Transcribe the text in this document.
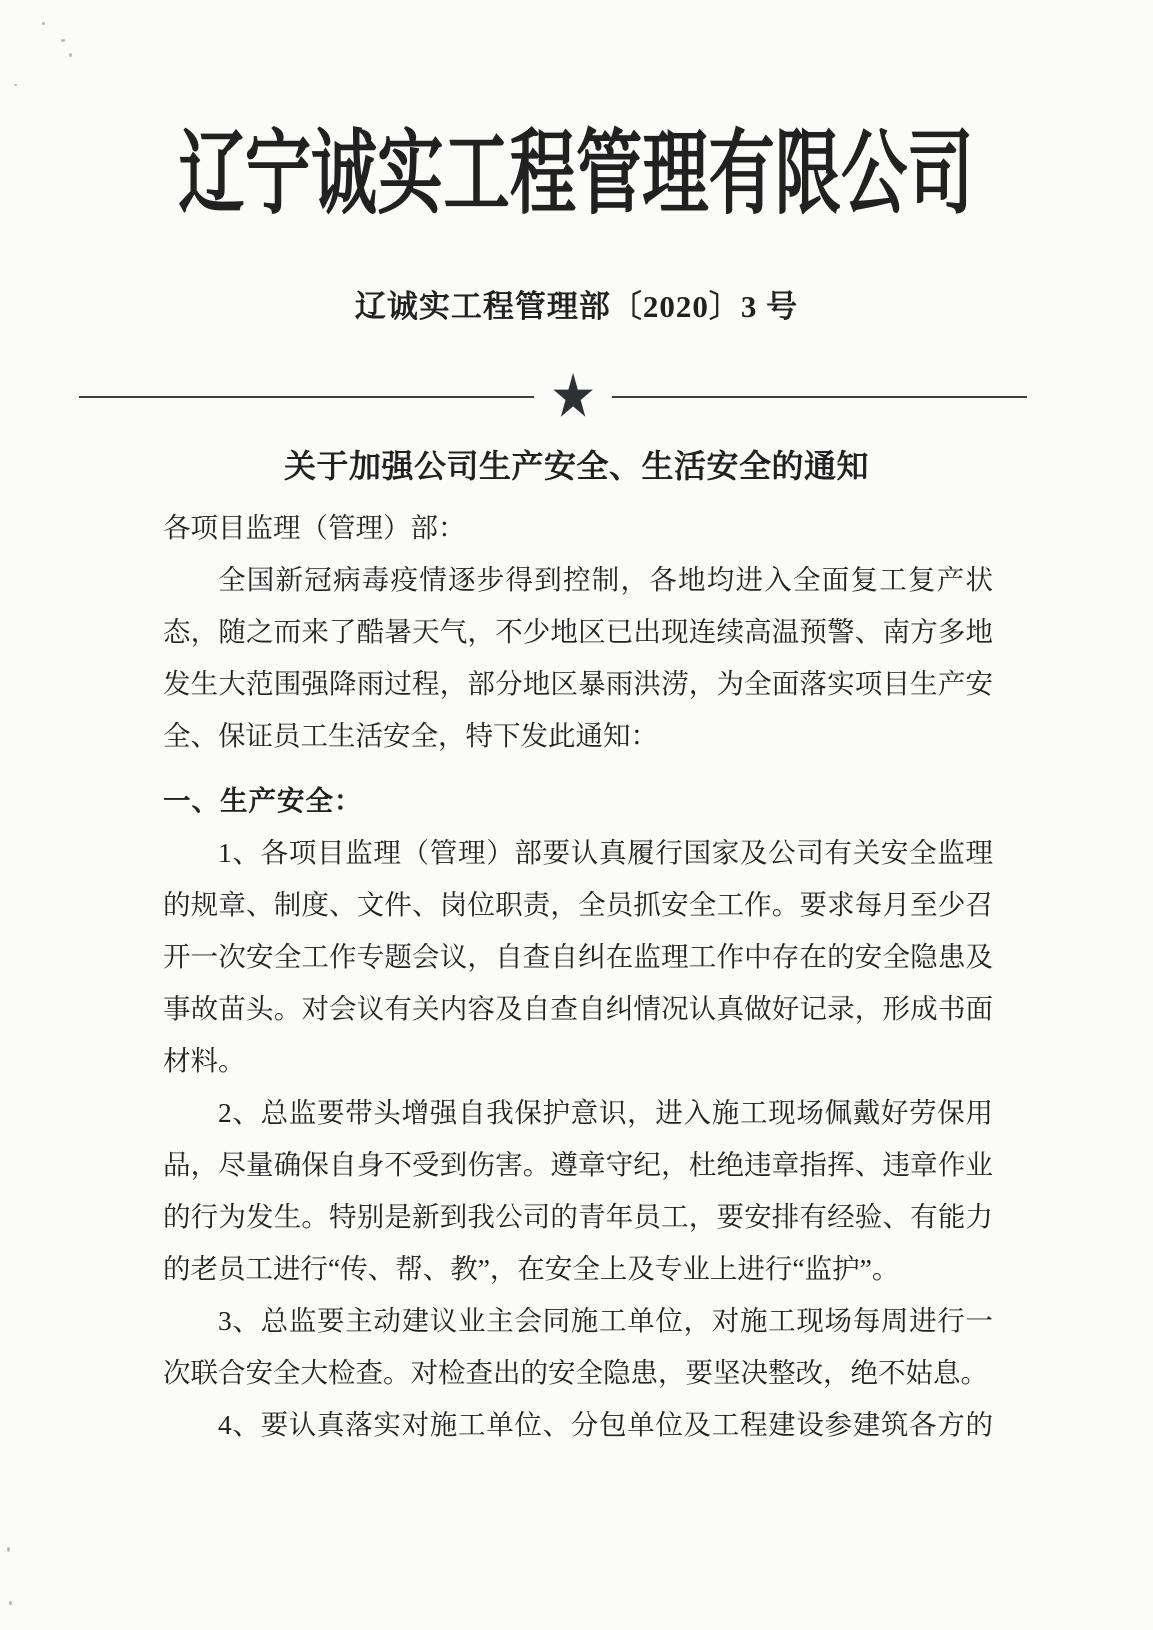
辽宁诚实工程管理有限公司
辽诚实工程管理部〔2020〕3 号
★
关于加强公司生产安全、生活安全的通知
各项目监理（管理）部：
全国新冠病毒疫情逐步得到控制，各地均进入全面复工复产状
态，随之而来了酷暑天气，不少地区已出现连续高温预警、南方多地
发生大范围强降雨过程，部分地区暴雨洪涝，为全面落实项目生产安
全、保证员工生活安全，特下发此通知：
一、生产安全：
1、各项目监理（管理）部要认真履行国家及公司有关安全监理
的规章、制度、文件、岗位职责，全员抓安全工作。要求每月至少召
开一次安全工作专题会议，自查自纠在监理工作中存在的安全隐患及
事故苗头。对会议有关内容及自查自纠情况认真做好记录，形成书面
材料。
2、总监要带头增强自我保护意识，进入施工现场佩戴好劳保用
品，尽量确保自身不受到伤害。遵章守纪，杜绝违章指挥、违章作业
的行为发生。特别是新到我公司的青年员工，要安排有经验、有能力
的老员工进行“传、帮、教”，在安全上及专业上进行“监护”。
3、总监要主动建议业主会同施工单位，对施工现场每周进行一
次联合安全大检查。对检查出的安全隐患，要坚决整改，绝不姑息。
4、要认真落实对施工单位、分包单位及工程建设参建筑各方的
